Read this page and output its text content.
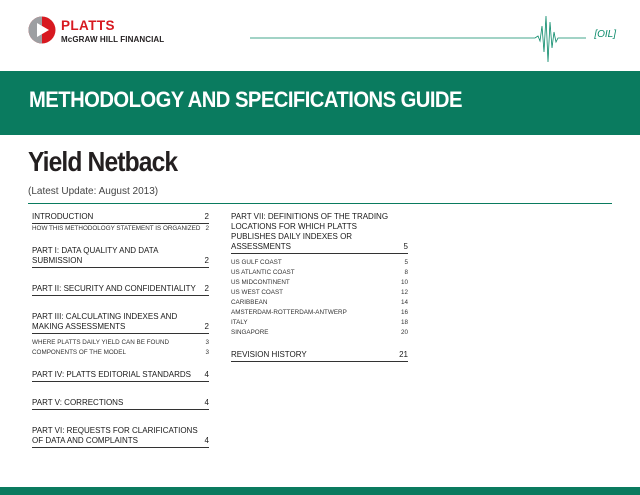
PLATTS
McGRAW HILL FINANCIAL	[OIL]
METHODOLOGY AND SPECIFICATIONS GUIDE
Yield Netback
(Latest Update: August 2013)
INTRODUCTION	2
HOW THIS METHODOLOGY STATEMENT IS ORGANIZED 2
PART I: DATA QUALITY AND DATA SUBMISSION	2
PART II: SECURITY AND CONFIDENTIALITY	2
PART III: CALCULATING INDEXES AND MAKING ASSESSMENTS	2
WHERE PLATTS DAILY YIELD CAN BE FOUND	3
COMPONENTS OF THE MODEL	3
PART IV: PLATTS EDITORIAL STANDARDS	4
PART V: CORRECTIONS	4
PART VI: REQUESTS FOR CLARIFICATIONS OF DATA AND COMPLAINTS	4
PART VII: DEFINITIONS OF THE TRADING LOCATIONS FOR WHICH PLATTS PUBLISHES DAILY INDEXES OR ASSESSMENTS	5
US GULF COAST	5
US ATLANTIC COAST	8
US MIDCONTINENT	10
US WEST COAST	12
CARIBBEAN	14
AMSTERDAM-ROTTERDAM-ANTWERP	16
ITALY	18
SINGAPORE	20
REVISION HISTORY	21
